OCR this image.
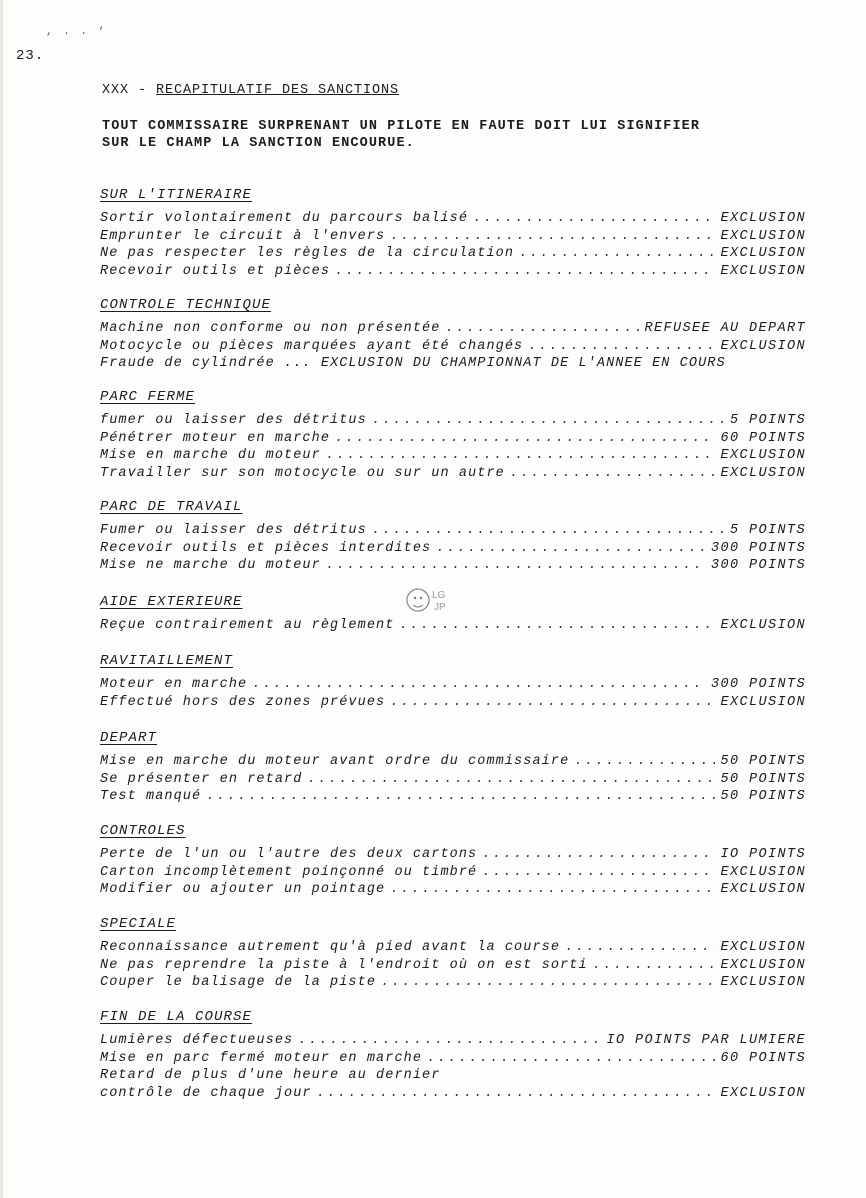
, . . ‘
23.
XXX - RECAPITULATIF DES SANCTIONS
TOUT COMMISSAIRE SURPRENANT UN PILOTE EN FAUTE DOIT LUI SIGNIFIER
SUR LE CHAMP LA SANCTION ENCOURUE.
SUR L'ITINERAIRE
Sortir volontairement du parcours balisé .....	EXCLUSION
Emprunter le circuit à l'envers .....	EXCLUSION
Ne pas respecter les règles de la circulation .....	EXCLUSION
Recevoir outils et pièces .....	EXCLUSION
CONTROLE TECHNIQUE
Machine non conforme ou non présentée .....	REFUSEE AU DEPART
Motocycle ou pièces marquées ayant été changés .....	EXCLUSION
Fraude de cylindrée ... EXCLUSION DU CHAMPIONNAT DE L'ANNEE EN COURS
PARC FERME
fumer ou laisser des détritus .....	5 POINTS
Pénétrer moteur en marche .....	60 POINTS
Mise en marche du moteur .....	EXCLUSION
Travailler sur son motocycle ou sur un autre .....	EXCLUSION
PARC DE TRAVAIL
Fumer ou laisser des détritus .....	5 POINTS
Recevoir outils et pièces interdites .....	300 POINTS
Mise ne marche du moteur .....	300 POINTS
AIDE EXTERIEURE
Reçue contrairement au règlement .....	EXCLUSION
RAVITAILLEMENT
Moteur en marche .....	300 POINTS
Effectué hors des zones prévues .....	EXCLUSION
DEPART
Mise en marche du moteur avant ordre du commissaire .....	50 POINTS
Se présenter en retard .....	50 POINTS
Test manqué .....	50 POINTS
CONTROLES
Perte de l'un ou l'autre des deux cartons .....	IO POINTS
Carton incomplètement poinçonné ou timbré .....	EXCLUSION
Modifier ou ajouter un pointage .....	EXCLUSION
SPECIALE
Reconnaissance autrement qu'à pied avant la course .....	EXCLUSION
Ne pas reprendre la piste à l'endroit où on est sorti .....	EXCLUSION
Couper le balisage de la piste .....	EXCLUSION
FIN DE LA COURSE
Lumières défectueuses .....	IO POINTS PAR LUMIERE
Mise en parc fermé moteur en marche .....	60 POINTS
Retard de plus d'une heure au dernier
contrôle de chaque jour .....	EXCLUSION
LG
JP
